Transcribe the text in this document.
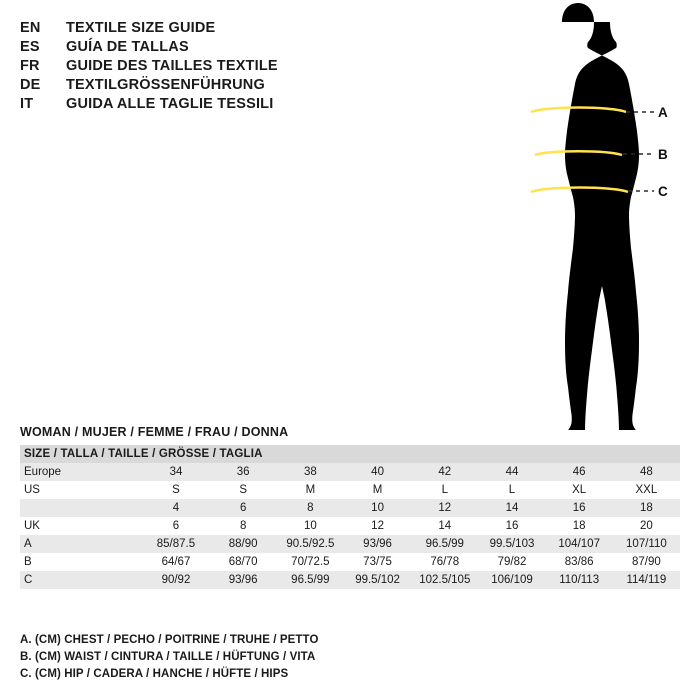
EN	TEXTILE SIZE GUIDE
ES	GUÍA DE TALLAS
FR	GUIDE DES TAILLES TEXTILE
DE	TEXTILGRÖSSENFÜHRUNG
IT	GUIDA ALLE TAGLIE TESSILI
A
B
C
WOMAN / MUJER / FEMME / FRAU / DONNA
SIZE / TALLA / TAILLE / GRÖSSE / TAGLIA								
Europe	34	36	38	40	42	44	46	48
US	S	S	M	M	L	L	XL	XXL
	4	6	8	10	12	14	16	18
UK	6	8	10	12	14	16	18	20
A	85/87.5	88/90	90.5/92.5	93/96	96.5/99	99.5/103	104/107	107/110
B	64/67	68/70	70/72.5	73/75	76/78	79/82	83/86	87/90
C	90/92	93/96	96.5/99	99.5/102	102.5/105	106/109	110/113	114/119
A. (CM) CHEST / PECHO / POITRINE / TRUHE / PETTO
B. (CM) WAIST / CINTURA / TAILLE / HÜFTUNG / VITA
C. (CM) HIP / CADERA / HANCHE / HÜFTE / HIPS
